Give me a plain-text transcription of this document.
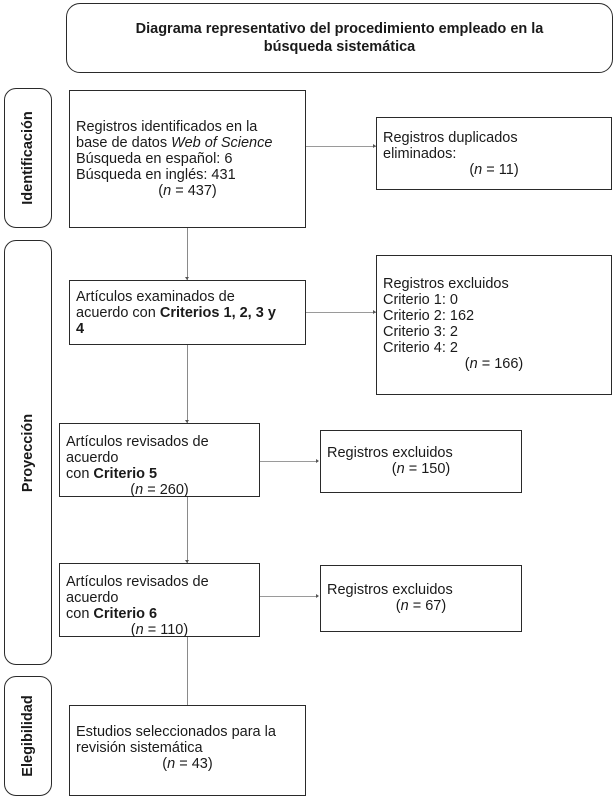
Diagrama representativo del procedimiento empleado en la búsqueda sistemática
Identificación
Proyección
Elegibilidad
Registros identificados en la
base de datos Web of Science
Búsqueda en español: 6
Búsqueda en inglés: 431
(n = 437)
Artículos examinados de
acuerdo con Criterios 1, 2, 3 y
4
Artículos revisados de acuerdo
con Criterio 5
(n = 260)
Artículos revisados de acuerdo
con Criterio 6
(n = 110)
Estudios seleccionados para la
revisión sistemática
(n = 43)
Registros duplicados
eliminados:
(n = 11)
Registros excluidos
Criterio 1: 0
Criterio 2: 162
Criterio 3: 2
Criterio 4: 2
(n = 166)
Registros excluidos
(n = 150)
Registros excluidos
(n = 67)
